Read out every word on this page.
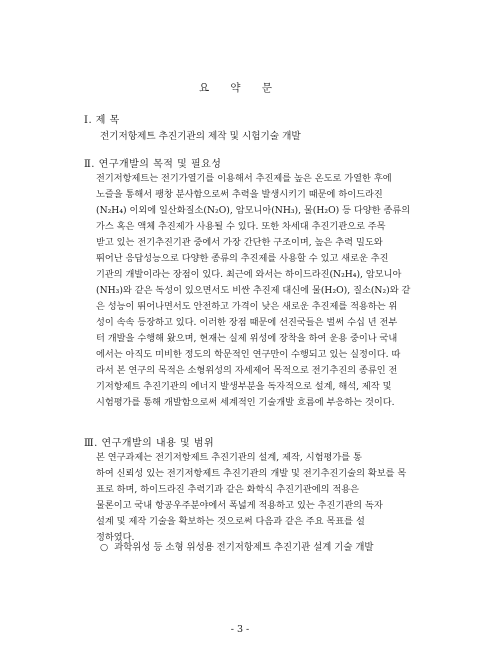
요 약 문
Ⅰ. 제 목
전기저항제트 추진기관의 제작 및 시험기술 개발
Ⅱ. 연구개발의 목적 및 필요성
전기저항제트는 전기가열기를 이용해서 추진제를 높은 온도로 가열한 후에
노즐을 통해서 팽창 분사함으로써 추력을 발생시키기 때문에 하이드라진
(N₂H₄) 이외에 일산화질소(N₂O), 암모니아(NH₃), 물(H₂O) 등 다양한 종류의
가스 혹은 액체 추진제가 사용될 수 있다. 또한 차세대 추진기관으로 주목
받고 있는 전기추진기관 중에서 가장 간단한 구조이며, 높은 추력 밀도와
뛰어난 응답성능으로 다양한 종류의 추진제를 사용할 수 있고 새로운 추진
기관의 개발이라는 장점이 있다. 최근에 와서는 하이드라진(N₂H₄), 암모니아
(NH₃)와 같은 독성이 있으면서도 비싼 추진제 대신에 물(H₂O), 질소(N₂)와 같
은 성능이 뛰어나면서도 안전하고 가격이 낮은 새로운 추진제를 적용하는 위
성이 속속 등장하고 있다. 이러한 장점 때문에 선진국들은 벌써 수십 년 전부
터 개발을 수행해 왔으며, 현재는 실제 위성에 장착을 하여 운용 중이나 국내
에서는 아직도 미비한 정도의 학문적인 연구만이 수행되고 있는 실정이다. 따
라서 본 연구의 목적은 소형위성의 자세제어 목적으로 전기추진의 종류인 전
기저항제트 추진기관의 에너지 발생부분을 독자적으로 설계, 해석, 제작 및
시험평가를 통해 개발함으로써 세계적인 기술개발 흐름에 부응하는 것이다.
Ⅲ. 연구개발의 내용 및 범위
본 연구과제는 전기저항제트 추진기관의 설계, 제작, 시험평가를 통
하여 신뢰성 있는 전기저항제트 추진기관의 개발 및 전기추진기술의 확보를 목
표로 하며, 하이드라진 추력기과 같은 화학식 추진기관에의 적용은
물론이고 국내 항공우주분야에서 폭넓게 적용하고 있는 추진기관의 독자
설계 및 제작 기술을 확보하는 것으로써 다음과 같은 주요 목표를 설
정하였다.
○ 과학위성 등 소형 위성용 전기저항제트 추진기관 설계 기술 개발
- 3 -
